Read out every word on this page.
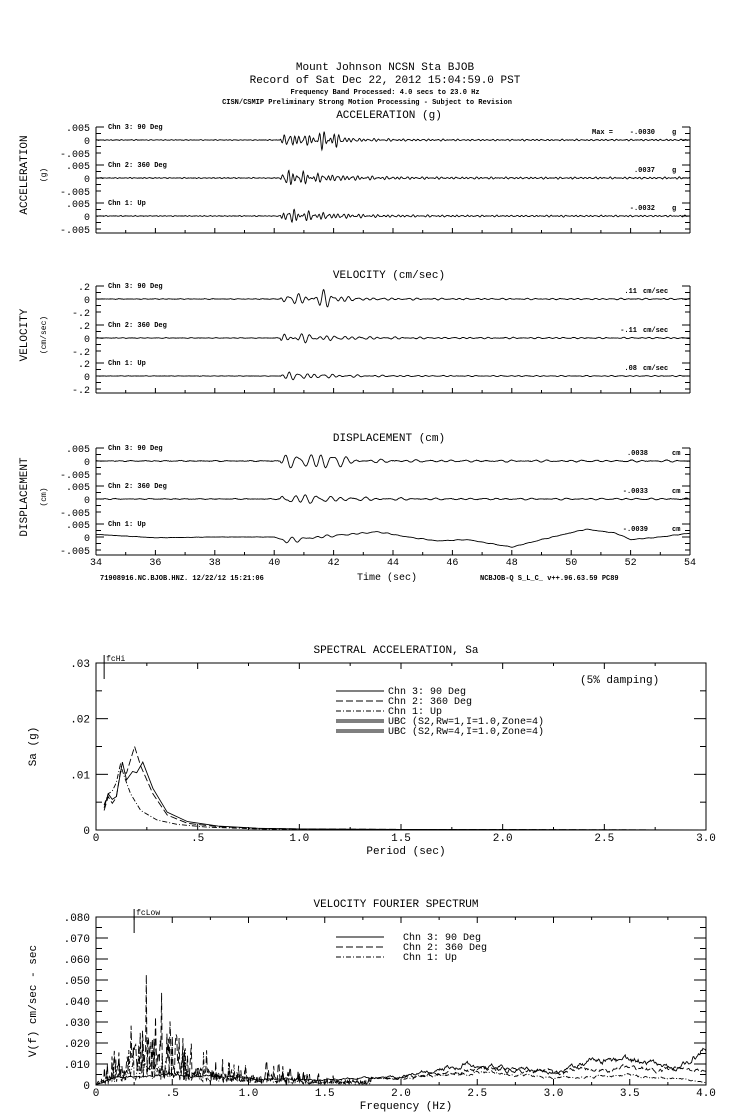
Mount Johnson NCSN Sta BJOB
Record of Sat Dec 22, 2012 15:04:59.0 PST
Frequency Band Processed: 4.0 secs to 23.0 Hz
CISN/CSMIP Preliminary Strong Motion Processing - Subject to Revision
ACCELERATION (g)
ACCELERATION (g)
.005
0
-.005
Chn 3: 90 Deg
Max = -.0030 g
.005
0
-.005
Chn 2: 360 Deg
.0037 g
.005
0
-.005
Chn 1: Up
-.0032 g
VELOCITY (cm/sec)
VELOCITY (cm/sec)
.2
0
-.2
Chn 3: 90 Deg
.11 cm/sec
.2
0
-.2
Chn 2: 360 Deg
-.11 cm/sec
.2
0
-.2
Chn 1: Up
.08 cm/sec
DISPLACEMENT (cm)
DISPLACEMENT (cm)
34	36	38	40	42	44	46	48	50	52	54
.005
0
-.005
Chn 3: 90 Deg
.0038	cm
.005
0
-.005
Chn 2: 360 Deg
-.0033	cm
.005
0
-.005
Chn 1: Up
-.0039	cm
71908916.NC.BJOB.HNZ. 12/22/12 15:21:06	Time (sec)	NCBJOB-Q S_L_C_ v++.96.63.59 PC89
SPECTRAL ACCELERATION, Sa
0	.5	1.0	1.5	2.0	2.5	3.0
0
.01
.02
.03
Period (sec)
Sa (g)
fcHi
(5% damping)
Chn 3: 90 Deg
Chn 2: 360 Deg
Chn 1: Up
UBC (S2,Rw=1,I=1.0,Zone=4)
UBC (S2,Rw=4,I=1.0,Zone=4)
VELOCITY FOURIER SPECTRUM
0	.5	1.0	1.5	2.0	2.5	3.0	3.5	4.0
0
.010
.020
.030
.040
.050
.060
.070
.080
Frequency (Hz)
V(f) cm/sec - sec
fcLow
Chn 3: 90 Deg
Chn 2: 360 Deg
Chn 1: Up
